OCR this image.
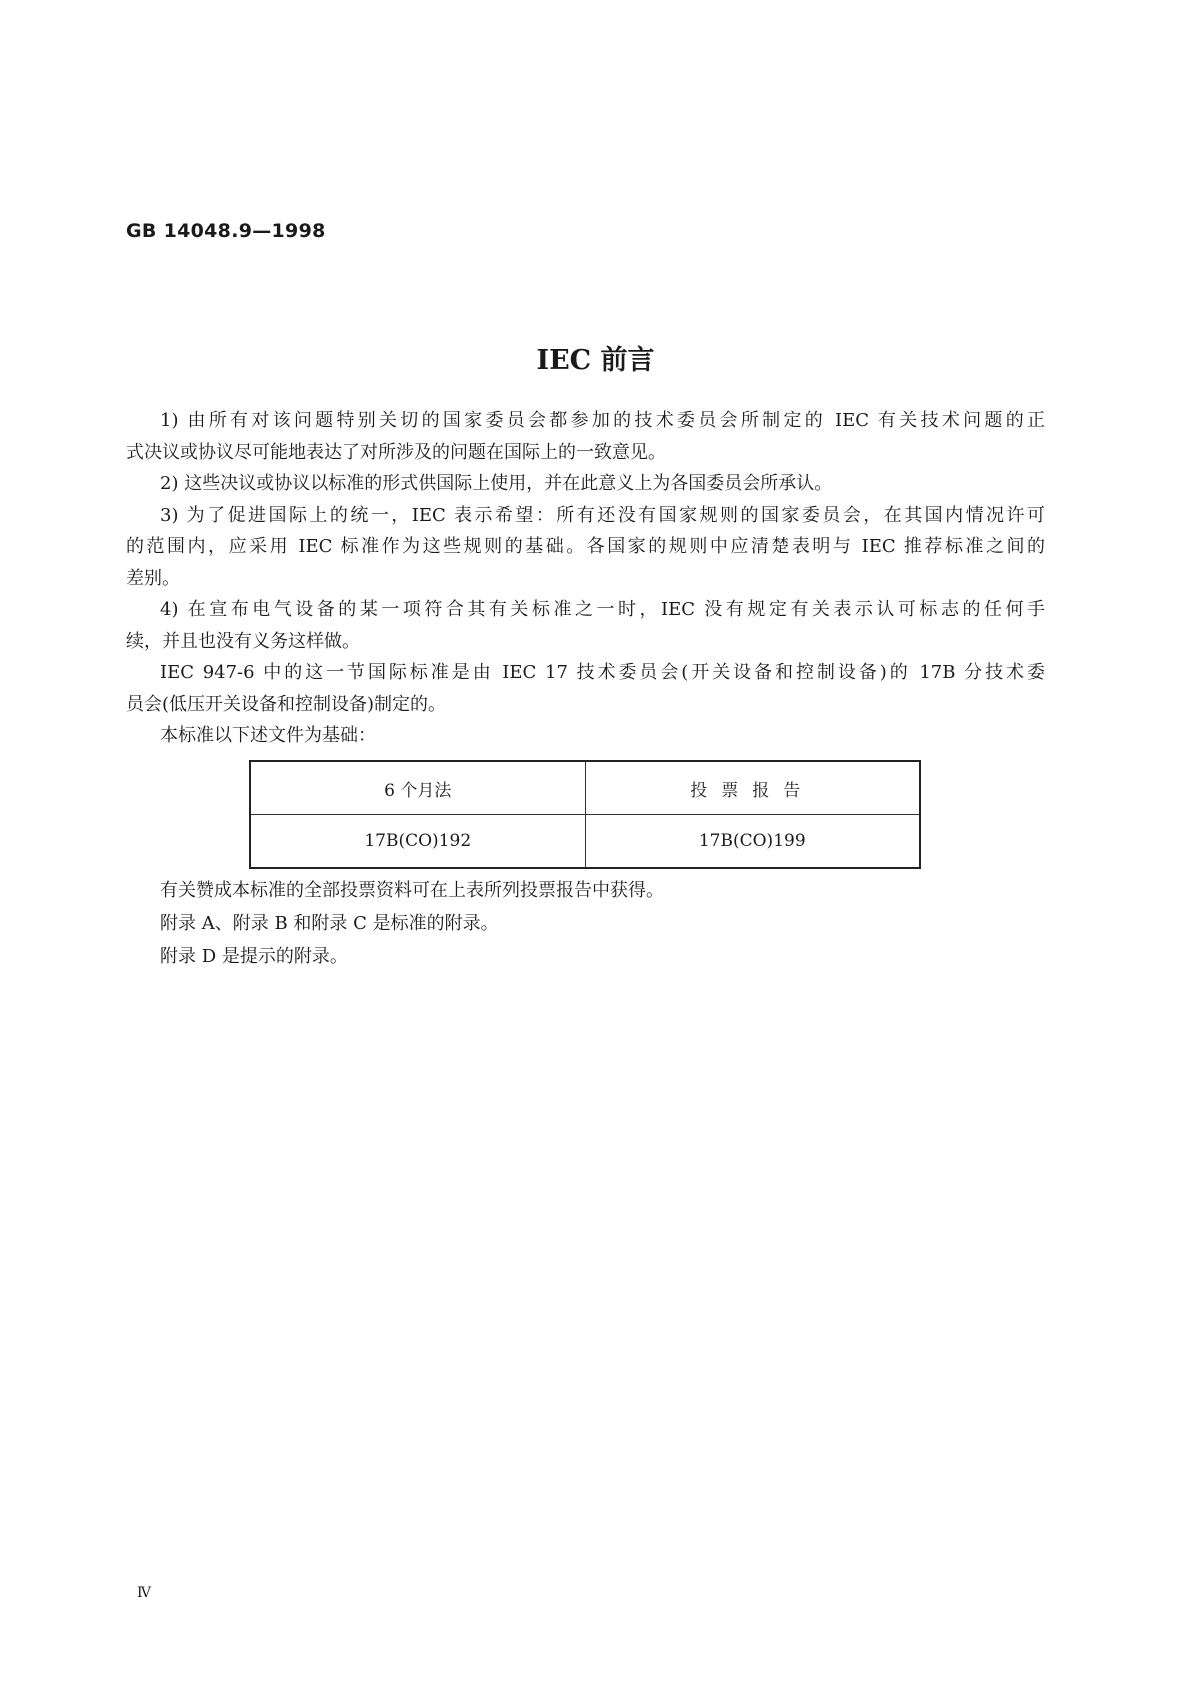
GB 14048.9—1998
IEC 前言
1) 由所有对该问题特别关切的国家委员会都参加的技术委员会所制定的 IEC 有关技术问题的正
式决议或协议尽可能地表达了对所涉及的问题在国际上的一致意见。
2) 这些决议或协议以标准的形式供国际上使用，并在此意义上为各国委员会所承认。
3) 为了促进国际上的统一，IEC 表示希望：所有还没有国家规则的国家委员会，在其国内情况许可
的范围内，应采用 IEC 标准作为这些规则的基础。各国家的规则中应清楚表明与 IEC 推荐标准之间的
差别。
4) 在宣布电气设备的某一项符合其有关标准之一时，IEC 没有规定有关表示认可标志的任何手
续，并且也没有义务这样做。
IEC 947-6 中的这一节国际标准是由 IEC 17 技术委员会(开关设备和控制设备)的 17B 分技术委
员会(低压开关设备和控制设备)制定的。
本标准以下述文件为基础：
6 个月法	投票报告
17B(CO)192	17B(CO)199
有关赞成本标准的全部投票资料可在上表所列投票报告中获得。
附录 A、附录 B 和附录 C 是标准的附录。
附录 D 是提示的附录。
Ⅳ
